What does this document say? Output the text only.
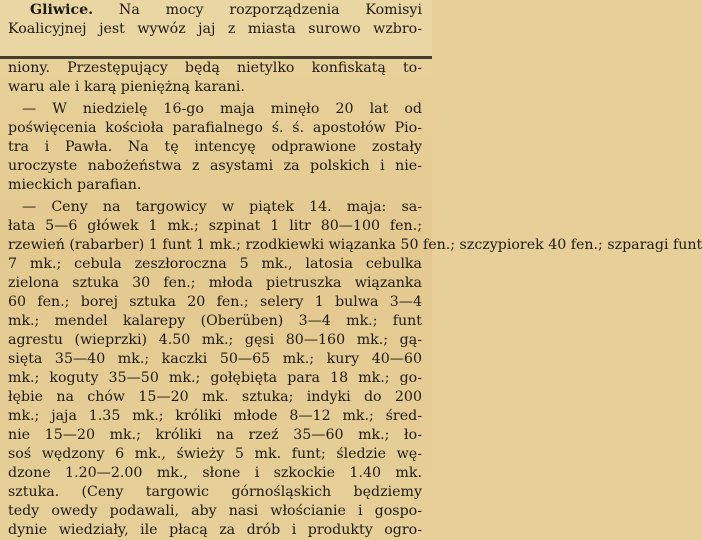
Gliwice. Na mocy rozporządzenia Komisyi
Koalicyjnej jest wywóz jaj z miasta surowo wzbro-
niony. Przestępujący będą nietylko konfiskatą to-
waru ale i karą pieniężną karani.
— W niedzielę 16-go maja minęło 20 lat od
poświęcenia kościoła parafialnego ś. ś. apostołów Pio-
tra i Pawła. Na tę intencyę odprawione zostały
uroczyste nabożeństwa z asystami za polskich i nie-
mieckich parafian.
— Ceny na targowicy w piątek 14. maja: sa-
łata 5—6 główek 1 mk.; szpinat 1 litr 80—100 fen.;
rzewień (rabarber) 1 funt 1 mk.; rzodkiewki wiązanka 50 fen.; szczypiorek 40 fen.; szparagi funt
7 mk.; cebula zeszłoroczna 5 mk., latosia cebulka
zielona sztuka 30 fen.; młoda pietruszka wiązanka
60 fen.; borej sztuka 20 fen.; selery 1 bulwa 3—4
mk.; mendel kalarepy (Oberüben) 3—4 mk.; funt
agrestu (wieprzki) 4.50 mk.; gęsi 80—160 mk.; gą-
sięta 35—40 mk.; kaczki 50—65 mk.; kury 40—60
mk.; koguty 35—50 mk.; gołębięta para 18 mk.; go-
łębie na chów 15—20 mk. sztuka; indyki do 200
mk.; jaja 1.35 mk.; króliki młode 8—12 mk.; śred-
nie 15—20 mk.; króliki na rzeź 35—60 mk.; ło-
soś wędzony 6 mk., świeży 5 mk. funt; śledzie wę-
dzone 1.20—2.00 mk., słone i szkockie 1.40 mk.
sztuka. (Ceny targowic górnośląskich będziemy
tedy owedy podawali, aby nasi włościanie i gospo-
dynie wiedziały, ile płacą za drób i produkty ogro-
